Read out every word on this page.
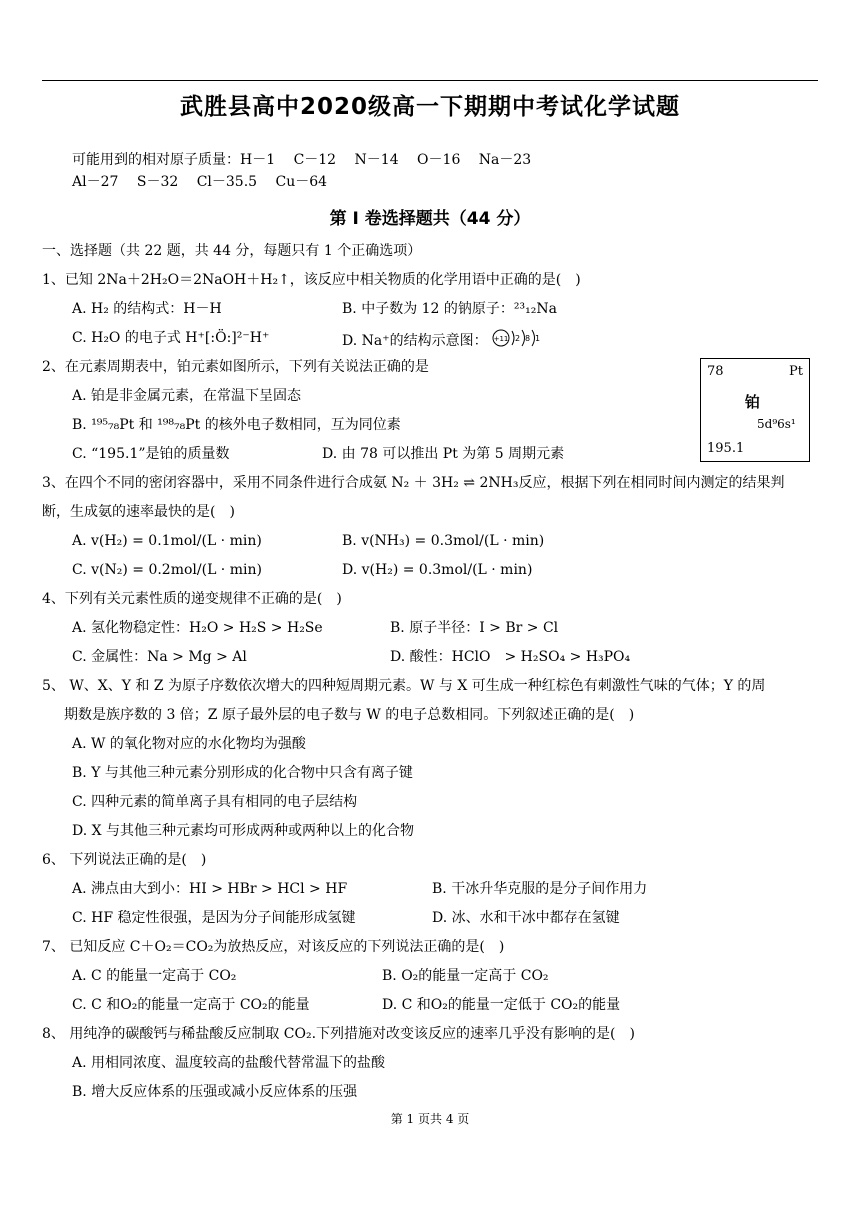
武胜县高中2020级高一下期期中考试化学试题
可能用到的相对原子质量：H－1　 C－12　 N－14　 O－16　 Na－23
Al－27　 S－32　 Cl－35.5　 Cu－64
第 I 卷选择题共（44 分）
一、选择题（共 22 题，共 44 分，每题只有 1 个正确选项）
1、已知 2Na＋2H₂O＝2NaOH＋H₂↑，该反应中相关物质的化学用语中正确的是(　)
A. H₂ 的结构式：H－H	B. 中子数为 12 的钠原子：²³₁₂Na
C. H₂O 的电子式 H⁺[:Ö:]²⁻H⁺	D. Na⁺的结构示意图： +11 2 8 1
2、在元素周期表中，铂元素如图所示，下列有关说法正确的是
A. 铂是非金属元素，在常温下呈固态
B. ¹⁹⁵₇₈Pt 和 ¹⁹⁸₇₈Pt 的核外电子数相同，互为同位素
C. “195.1”是铂的质量数	D. 由 78 可以推出 Pt 为第 5 周期元素
78	Pt
铂
5d⁹6s¹
195.1
3、在四个不同的密闭容器中，采用不同条件进行合成氨 N₂ ＋ 3H₂ ⇌ 2NH₃反应，根据下列在相同时间内测定的结果判
断，生成氨的速率最快的是(　)
A. v(H₂) = 0.1mol/(L · min)	B. v(NH₃) = 0.3mol/(L · min)
C. v(N₂) = 0.2mol/(L · min)	D. v(H₂) = 0.3mol/(L · min)
4、下列有关元素性质的递变规律不正确的是(　)
A. 氢化物稳定性：H₂O > H₂S > H₂Se	B. 原子半径：I > Br > Cl
C. 金属性：Na > Mg > Al	D. 酸性：HClO　> H₂SO₄ > H₃PO₄
5、 W、X、Y 和 Z 为原子序数依次增大的四种短周期元素。W 与 X 可生成一种红棕色有刺激性气味的气体；Y 的周
期数是族序数的 3 倍；Z 原子最外层的电子数与 W 的电子总数相同。下列叙述正确的是(　)
A. W 的氧化物对应的水化物均为强酸
B. Y 与其他三种元素分别形成的化合物中只含有离子键
C. 四种元素的简单离子具有相同的电子层结构
D. X 与其他三种元素均可形成两种或两种以上的化合物
6、 下列说法正确的是(　)
A. 沸点由大到小：HI > HBr > HCl > HF	B. 干冰升华克服的是分子间作用力
C. HF 稳定性很强，是因为分子间能形成氢键	D. 冰、水和干冰中都存在氢键
7、 已知反应 C＋O₂＝CO₂为放热反应，对该反应的下列说法正确的是(　)
A. C 的能量一定高于 CO₂	B. O₂的能量一定高于 CO₂
C. C 和O₂的能量一定高于 CO₂的能量	D. C 和O₂的能量一定低于 CO₂的能量
8、 用纯净的碳酸钙与稀盐酸反应制取 CO₂.下列措施对改变该反应的速率几乎没有影响的是(　)
A. 用相同浓度、温度较高的盐酸代替常温下的盐酸
B. 增大反应体系的压强或减小反应体系的压强
第 1 页共 4 页
